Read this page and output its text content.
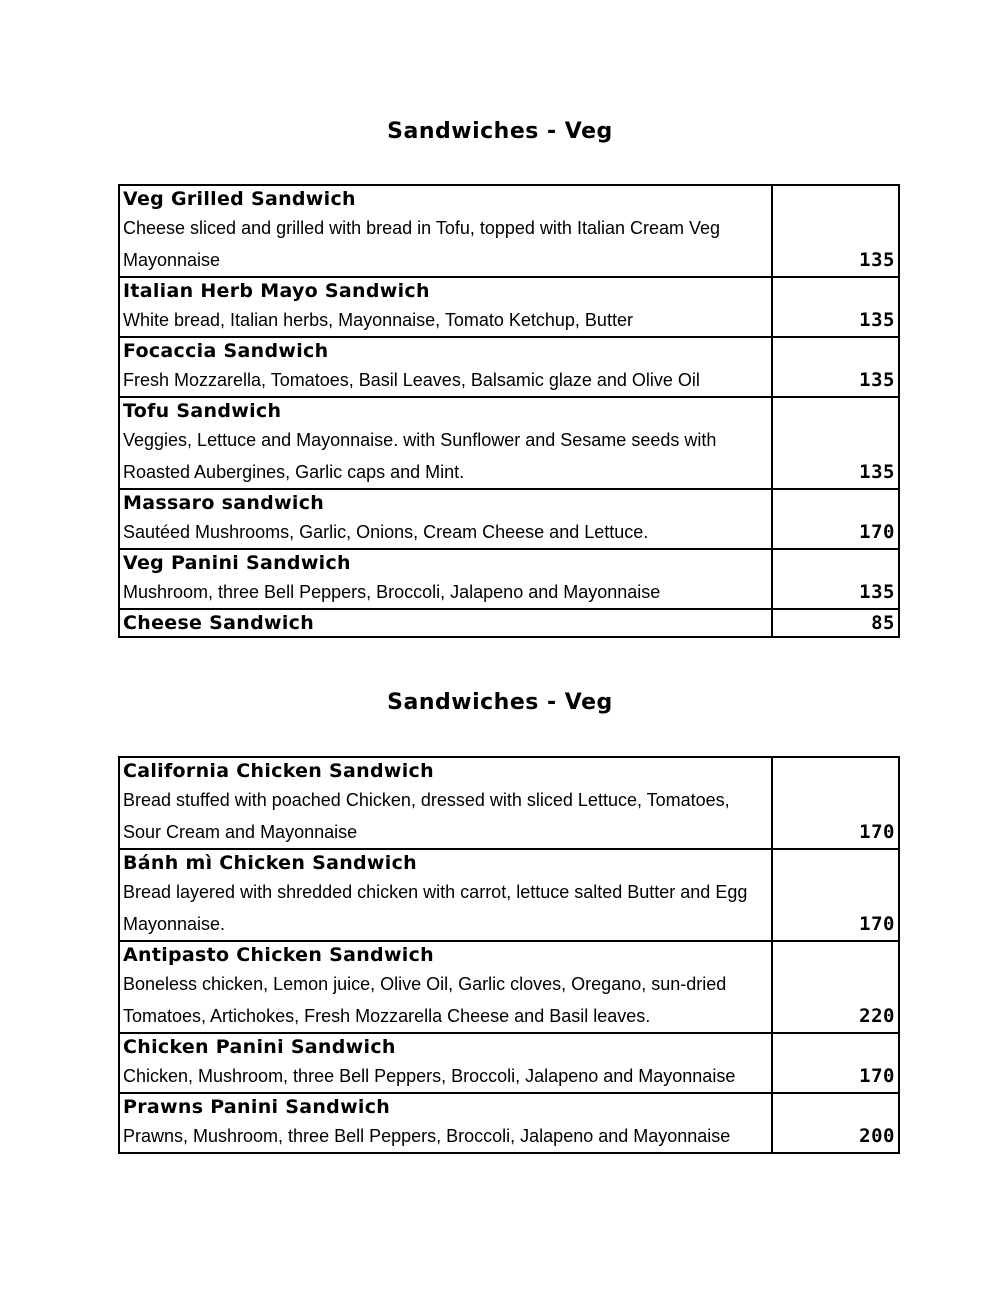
Sandwiches - Veg
Veg Grilled Sandwich
Cheese sliced and grilled with bread in Tofu, topped with Italian Cream Veg Mayonnaise	135

Italian Herb Mayo Sandwich
White bread, Italian herbs, Mayonnaise, Tomato Ketchup, Butter	135

Focaccia Sandwich
Fresh Mozzarella, Tomatoes, Basil Leaves, Balsamic glaze and Olive Oil	135

Tofu Sandwich
Veggies, Lettuce and Mayonnaise. with Sunflower and Sesame seeds with Roasted Aubergines, Garlic caps and Mint.	135

Massaro sandwich
Sautéed Mushrooms, Garlic, Onions, Cream Cheese and Lettuce.	170

Veg Panini Sandwich
Mushroom, three Bell Peppers, Broccoli, Jalapeno and Mayonnaise	135

Cheese Sandwich	85
Sandwiches - Veg
California Chicken Sandwich
Bread stuffed with poached Chicken, dressed with sliced Lettuce, Tomatoes, Sour Cream and Mayonnaise	170

Bánh mì Chicken Sandwich
Bread layered with shredded chicken with carrot, lettuce salted Butter and Egg Mayonnaise.	170

Antipasto Chicken Sandwich
Boneless chicken, Lemon juice, Olive Oil, Garlic cloves, Oregano, sun-dried Tomatoes, Artichokes, Fresh Mozzarella Cheese and Basil leaves.	220

Chicken Panini Sandwich
Chicken, Mushroom, three Bell Peppers, Broccoli, Jalapeno and Mayonnaise	170

Prawns Panini Sandwich
Prawns, Mushroom, three Bell Peppers, Broccoli, Jalapeno and Mayonnaise	200
